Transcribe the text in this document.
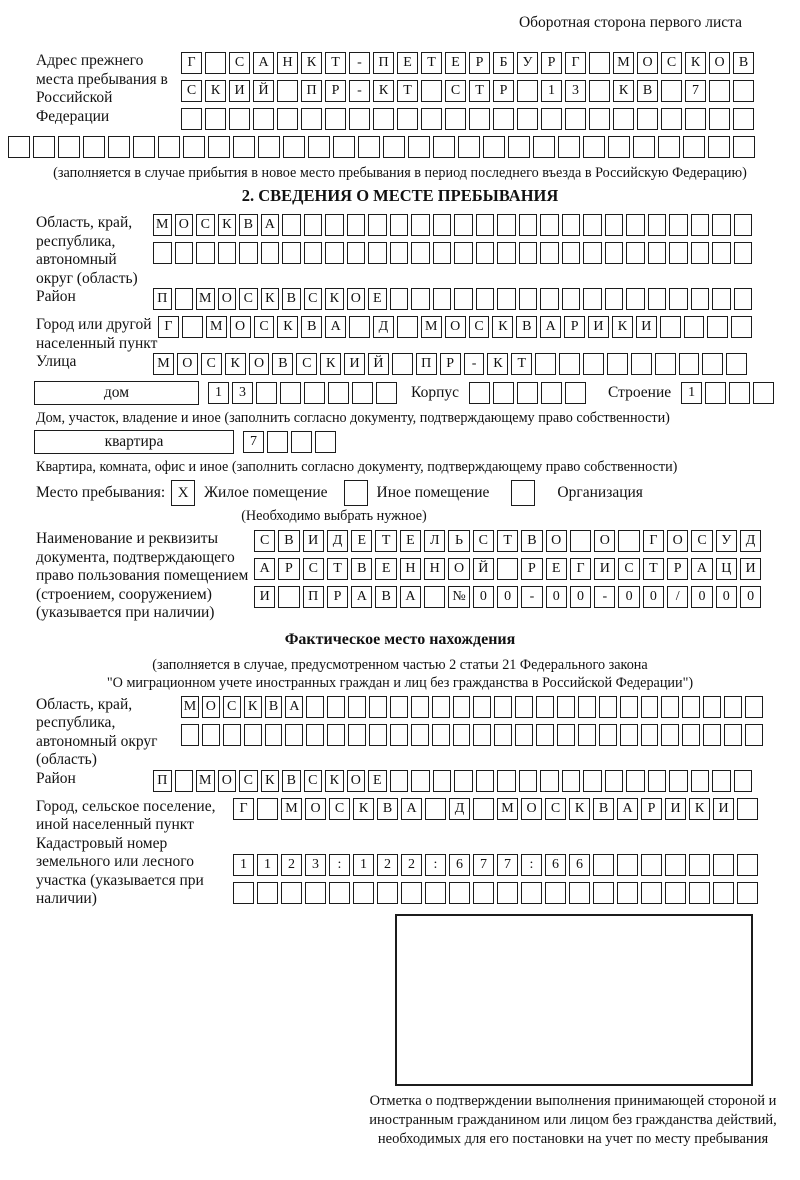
Оборотная сторона первого листа
Адрес прежнего места пребывания в Российской Федерации
Г	С	А Н	К	Т	-	П	Е	Т	Е	Р	Б	У	Р	Г	М О	С	К	О	В
С	К	И Й	П	Р	-	К	Т	С	Т	Р	1	3	К	В	7
(заполняется в случае прибытия в новое место пребывания в период последнего въезда в Российскую Федерацию)
2. СВЕДЕНИЯ О МЕСТЕ ПРЕБЫВАНИЯ
Область, край, республика, автономный округ (область)
М О С К В А
Район	П М О С К В С К О Е
Город или другой населенный пункт
Г	М О	С	К	В	А	Д	М О	С	К	В	А	Р	И	К	И
Улица	М О	С	К	О	В	С	К	И Й	П	Р	-	К	Т
дом	1	3	Корпус	Строение	1
Дом, участок, владение и иное (заполнить согласно документу, подтверждающему право собственности)
квартира	7
Квартира, комната, офис и иное (заполнить согласно документу, подтверждающему право собственности)
Место пребывания: X	Жилое помещение	Иное помещение	Организация
(Необходимо выбрать нужное)
Наименование и реквизиты документа, подтверждающего право пользования помещением (строением, сооружением) (указывается при наличии)
С	В	И	Д	Е	Т	Е	Л	Ь	С	Т	В	О	О	Г	О	С	У	Д
А	Р	С	Т	В	Е	Н	Н	О	Й	Р	Е	Г	И	С	Т	Р	А	Ц	И
И	П	Р	А	В	А	№	0	0	-	0	0	-	0	0	/	0	0	0
Фактическое место нахождения
(заполняется в случае, предусмотренном частью 2 статьи 21 Федерального закона
"О миграционном учете иностранных граждан и лиц без гражданства в Российской Федерации")
Область, край, республика, автономный округ (область)
М О С К В А
Район	П М О С К В С К О Е
Город, сельское поселение, иной населенный пункт
Г	М О	С	К	В	А	Д	М О	С	К	В	А	Р	И	К	И
Кадастровый номер земельного или лесного участка (указывается при наличии)
1	1	2	3	:	1	2	2	:	6	7	7	:	6	6
Отметка о подтверждении выполнения принимающей стороной и иностранным гражданином или лицом без гражданства действий, необходимых для его постановки на учет по месту пребывания
